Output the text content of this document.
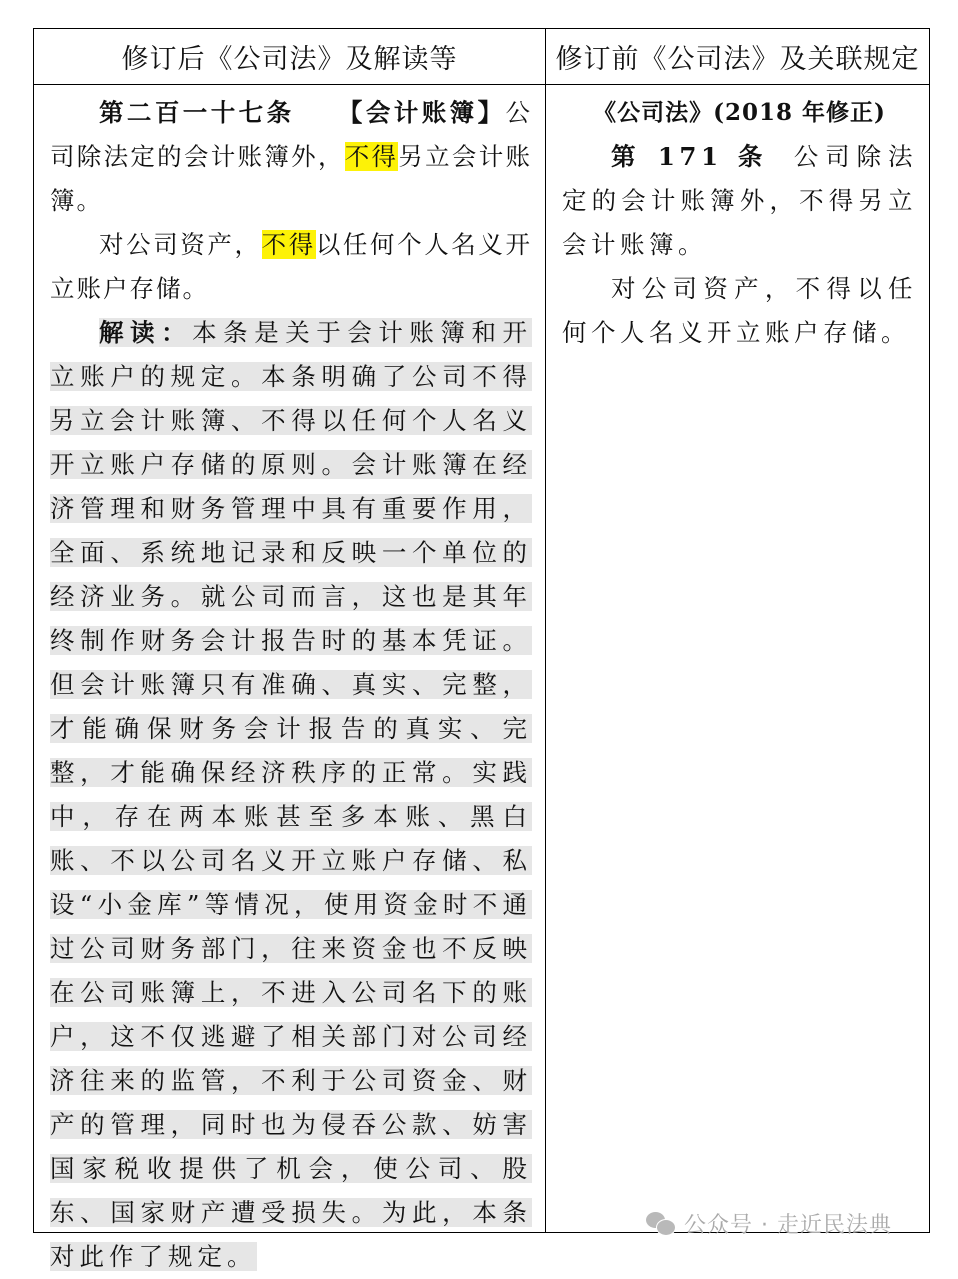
修订后《公司法》及解读等	修订前《公司法》及关联规定

第二百一十七条 【会计账簿】公司除法定的会计账簿外，不得另立会计账簿。

对公司资产，不得以任何个人名义开立账户存储。

解读：本条是关于会计账簿和开立账户的规定。本条明确了公司不得另立会计账簿、不得以任何个人名义开立账户存储的原则。会计账簿在经济管理和财务管理中具有重要作用，全面、系统地记录和反映一个单位的经济业务。就公司而言，这也是其年终制作财务会计报告时的基本凭证。但会计账簿只有准确、真实、完整，才能确保财务会计报告的真实、完整，才能确保经济秩序的正常。实践中，存在两本账甚至多本账、黑白账、不以公司名义开立账户存储、私设“小金库”等情况，使用资金时不通过公司财务部门，往来资金也不反映在公司账簿上，不进入公司名下的账户，这不仅逃避了相关部门对公司经济往来的监管，不利于公司资金、财产的管理，同时也为侵吞公款、妨害国家税收提供了机会，使公司、股东、国家财产遭受损失。为此，本条对此作了规定。

《公司法》(2018 年修正)

第 171 条 公司除法定的会计账簿外，不得另立会计账簿。

对公司资产，不得以任何个人名义开立账户存储。

公众号 · 走近民法典
